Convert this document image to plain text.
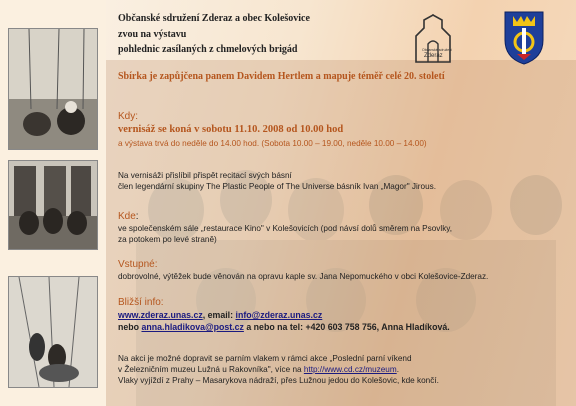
Občanské sdružení Zderaz a obec Kolešovice
zvou na výstavu
pohlednic zasílaných z chmelových brigád
Sbírka je zapůjčena panem Davidem Hertlem a mapuje téměř celé 20. století
Občanské sdružení
Zderaz
Kdy:
vernisáž se koná v sobotu 11.10. 2008 od 10.00 hod
a výstava trvá do neděle do 14.00 hod. (Sobota 10.00 – 19.00, neděle 10.00 – 14.00)
Na vernisáži přislíbil přispět recitací svých básní
člen legendární skupiny The Plastic People of The Universe básník Ivan „Magor" Jirous.
Kde:
ve společenském sále „restaurace Kino" v Kolešovicích (pod návsí dolů směrem na Psovlky,
za potokem po levé straně)
Vstupné:
dobrovolné, výtěžek bude věnován na opravu kaple sv. Jana Nepomuckého v obci Kolešovice-Zderaz.
Bližší info:
www.zderaz.unas.cz, email: info@zderaz.unas.cz
nebo anna.hladikova@post.cz a nebo na tel: +420 603 758 756, Anna Hladíková.
Na akci je možné dopravit se parním vlakem v rámci akce „Poslední parní víkend
v Železničním muzeu Lužná u Rakovníka", více na http://www.cd.cz/muzeum.
Vlaky vyjíždí z Prahy – Masarykova nádraží, přes Lužnou jedou do Kolešovic, kde končí.
